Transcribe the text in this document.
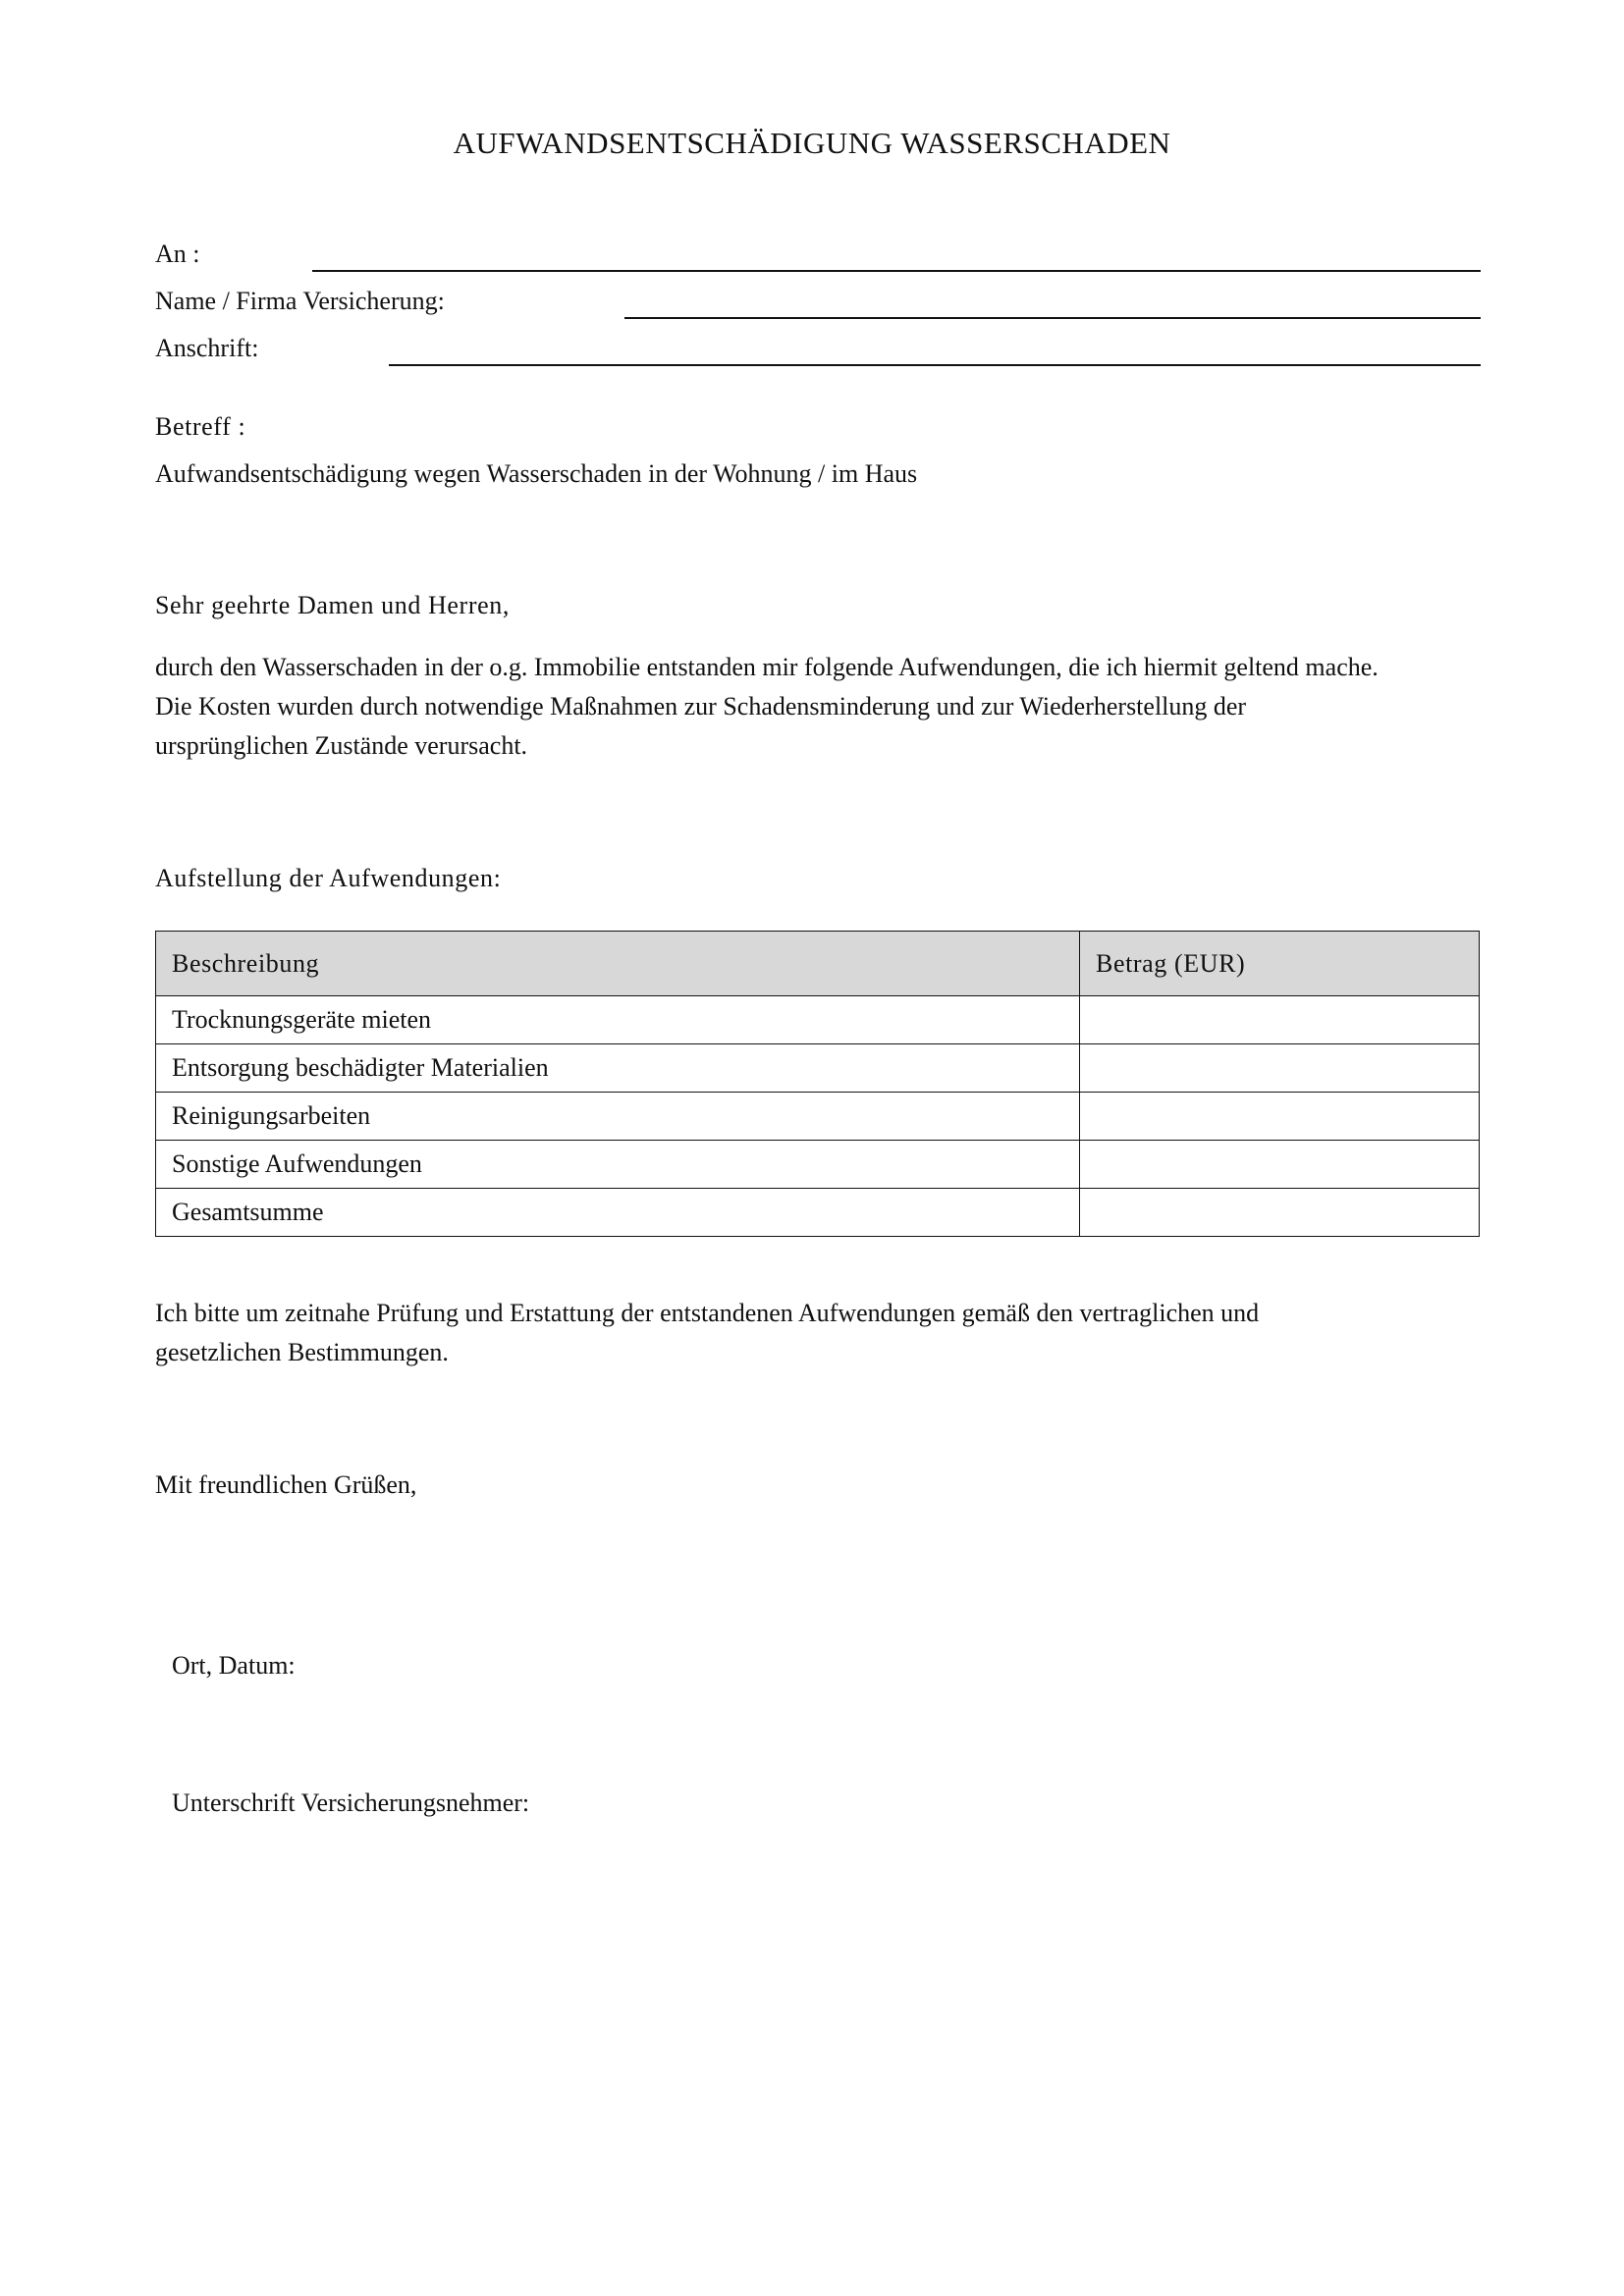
AUFWANDSENTSCHÄDIGUNG WASSERSCHADEN
An :
Name / Firma Versicherung:
Anschrift:
Betreff :
Aufwandsentschädigung wegen Wasserschaden in der Wohnung / im Haus
Sehr geehrte Damen und Herren,

durch den Wasserschaden in der o.g. Immobilie entstanden mir folgende Aufwendungen, die ich hiermit geltend mache.

Die Kosten wurden durch notwendige Maßnahmen zur Schadensminderung und zur Wiederherstellung der

ursprünglichen Zustände verursacht.

Aufstellung der Aufwendungen:
Beschreibung	Betrag (EUR)
Trocknungsgeräte mieten	
Entsorgung beschädigter Materialien	
Reinigungsarbeiten	
Sonstige Aufwendungen	
Gesamtsumme	

Ich bitte um zeitnahe Prüfung und Erstattung der entstandenen Aufwendungen gemäß den vertraglichen und

gesetzlichen Bestimmungen.

Mit freundlichen Grüßen,
Ort, Datum:
Unterschrift Versicherungsnehmer:
